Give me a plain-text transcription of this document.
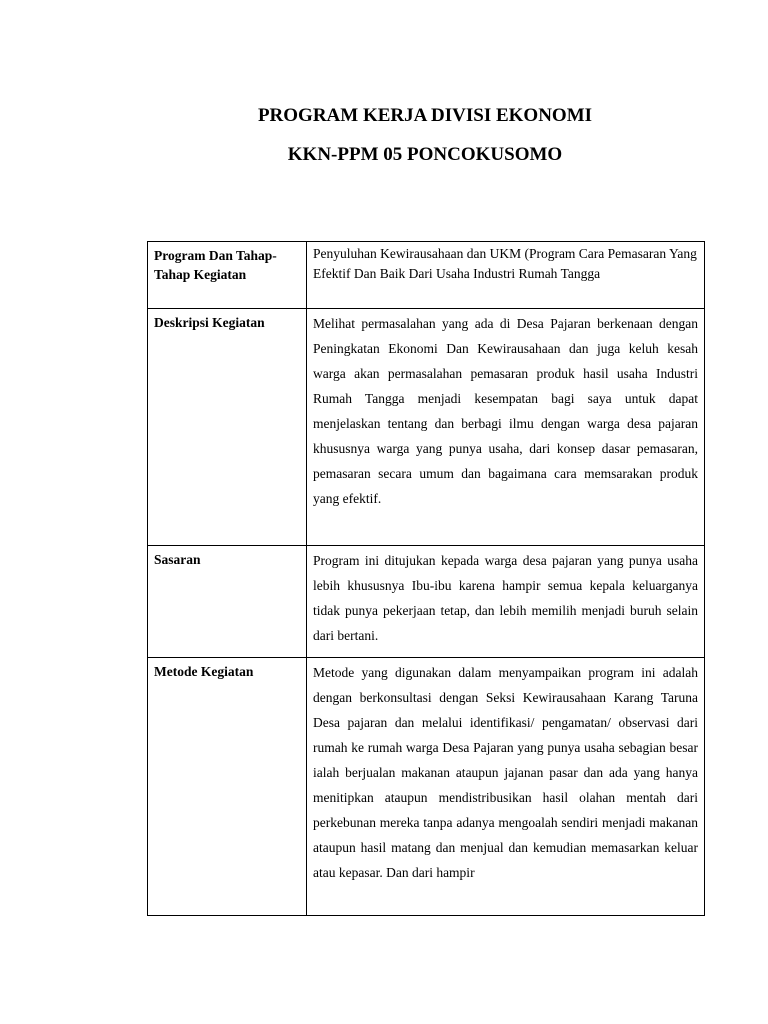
PROGRAM KERJA DIVISI EKONOMI
KKN-PPM 05 PONCOKUSOMO
Program Dan Tahap-Tahap Kegiatan	Penyuluhan Kewirausahaan dan UKM (Program Cara Pemasaran Yang Efektif Dan Baik Dari Usaha Industri Rumah Tangga
Deskripsi Kegiatan	Melihat permasalahan yang ada di Desa Pajaran berkenaan dengan Peningkatan Ekonomi Dan Kewirausahaan dan juga keluh kesah warga akan permasalahan pemasaran produk hasil usaha Industri Rumah Tangga menjadi kesempatan bagi saya untuk dapat menjelaskan tentang dan berbagi ilmu dengan warga desa pajaran khususnya warga yang punya usaha, dari konsep dasar pemasaran, pemasaran secara umum dan bagaimana cara memsarakan produk yang efektif.
Sasaran	Program ini ditujukan kepada warga desa pajaran yang punya usaha lebih khususnya Ibu-ibu karena hampir semua kepala keluarganya tidak punya pekerjaan tetap, dan lebih memilih menjadi buruh selain dari bertani.
Metode Kegiatan	Metode yang digunakan dalam menyampaikan program ini adalah dengan berkonsultasi dengan Seksi Kewirausahaan Karang Taruna Desa pajaran dan melalui identifikasi/ pengamatan/ observasi dari rumah ke rumah warga Desa Pajaran yang punya usaha sebagian besar ialah berjualan makanan ataupun jajanan pasar dan ada yang hanya menitipkan ataupun mendistribusikan hasil olahan mentah dari perkebunan mereka tanpa adanya mengoalah sendiri menjadi makanan ataupun hasil matang dan menjual dan kemudian memasarkan keluar atau kepasar. Dan dari hampir
